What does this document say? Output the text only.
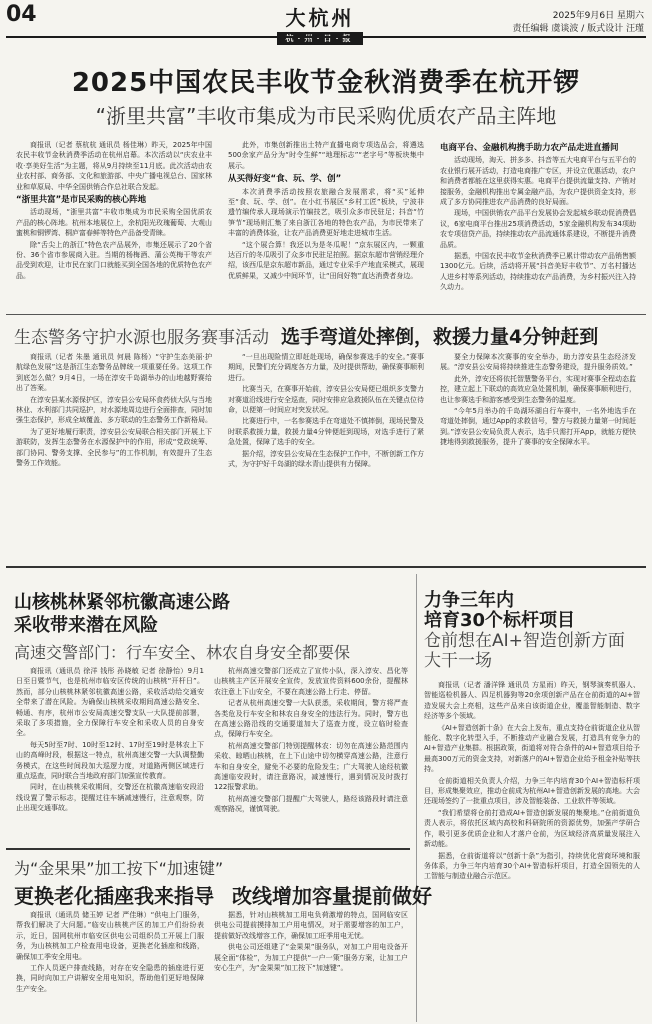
04	大杭州
杭·州·日·报
2025年9月6日 星期六
责任编辑 虞谈波 / 版式设计 汪瑾
2025中国农民丰收节金秋消费季在杭开锣
“浙里共富”丰收市集成为市民采购优质农产品主阵地

商报讯（记者 蔡杭杭 通讯员 杨佳琳）昨天，2025年中国农民丰收节金秋消费季活动在杭州启幕。本次活动以“庆农业丰收·享美好生活”为主题，将从9月持续至11月底。此次活动由农业农村部、商务部、文化和旅游部、中央广播电视总台、国家林业和草原局、中华全国供销合作总社联合发起。

“浙里共富”是市民采购的核心阵地

活动现场，“浙里共富”丰收市集成为市民采购全国优质农产品的核心阵地。杭州本地展位上，余杭阳光玫瑰葡萄、大观山蜜桃和铜锣湾、桐庐富春鲜等特色产品备受青睐。

除“舌尖上的浙江”特色农产品展外，市集还展示了20个省份、36个省市参展商入驻。当期的杨梅酒、蒲公英梅干等农产品受到欢迎，让市民在家门口就能买到全国各地的优质特色农产品。

此外，市集创新推出土特产直播电商专项选品会，将遴选500余家产品分为“时令生鲜”“地理标志”“老字号”等板块集中展示。

从买得好变“食、玩、学、创”

本次消费季活动按照农旅融合发展需求，将“买”延伸至“食、玩、学、创”。在小红书展区“乡村工匠”板块，宁波非遗竹编传承人现场演示竹编技艺，吸引众多市民驻足；抖音“竹笋节”现场则汇集了来自浙江各地的特色农产品，为市民带来了丰富的消费体验，让农产品消费更好地走进城市生活。

“这个展合算！我还以为是冬瓜呢！”京东展区内，一颗重达百斤的冬瓜吸引了众多市民驻足拍照。据京东超市营销经理介绍，该西瓜是京东超市新品，通过专业采手产地直采模式，展现优质鲜果，又减少中间环节，让“田间好物”直达消费者身边。

电商平台、金融机构携手助力农产品走进直播间

活动现场，淘天、拼多多、抖音等五大电商平台与五平台的农业银行展开活动，打造电商推广专区，并设立优惠活动，农户和消费者都能在这里获得实惠。电商平台提供流量支持、产销对接服务，金融机构推出专属金融产品，为农户提供资金支持，形成了多方协同推进农产品消费的良好局面。

现场，中国供销农产品平台发展协会发起城乡联动促消费倡议，6家电商平台推出25项消费活动，5家金融机构发布34项助农专项信贷产品，持续推动农产品流通体系建设，不断提升消费品质。

据悉，中国农民丰收节金秋消费季已累计带动农产品销售额1300亿元。后续，活动将开展“抖音美好丰收节”、万名村播达人进乡村等系列活动，持续推动农产品消费，为乡村振兴注入持久动力。

生态警务守护水源也服务赛事活动 选手弯道处摔倒，救援力量4分钟赶到

商报讯（记者 朱墨 通讯员 何晨 陈杨）“守护生态美丽·护航绿色发展”这是浙江生态警务品牌统一项重要任务。这项工作到底怎么做？9月4日，一场在淳安千岛湖举办的山地越野赛给出了答案。

在淳安县某水源保护区，淳安县公安局环食药侦大队与当地林业、水利部门共同巡护，对水源地周边进行全面排查，同时加强生态保护，形成全域覆盖、多方联动的生态警务工作新格局。

为了更好地履行职责，淳安县公安局联合相关部门开展上下游联防，发挥生态警务在水源保护中的作用，形成“党政统筹、部门协同、警务支撑、全民参与”的工作机制，有效提升了生态警务工作效能。

“一旦出现险情立即赶赴现场，确保参赛选手的安全。”赛事期间，民警们充分调度各方力量，及时提供帮助，确保赛事顺利进行。

比赛当天，在赛事开始前，淳安县公安局便已组织多支警力对赛道沿线进行安全巡查，同时安排应急救援队伍在关键点位待命，以便第一时间应对突发状况。

比赛进行中，一名参赛选手在弯道处不慎摔倒，现场民警及时联系救援力量，救援力量4分钟便赶到现场，对选手进行了紧急处置，保障了选手的安全。

据介绍，淳安县公安局在生态保护工作中，不断创新工作方式，为守护好千岛湖的绿水青山提供有力保障。

要全力保障本次赛事的安全举办，助力淳安县生态经济发展。“淳安县公安局将持续推进生态警务建设，提升服务质效。”

此外，淳安还将依托智慧警务平台，实现对赛事全程动态监控，建立起上下联动的高效应急处置机制，确保赛事顺利进行，也让参赛选手和游客感受到生态警务的温度。

“今年5月举办的千岛湖环湖自行车赛中，一名外地选手在弯道处摔倒，通过App的求救信号，警方与救援力量第一时间赶到。”淳安县公安局负责人表示，选手只需打开App，就能方便快捷地得到救援服务，提升了赛事的安全保障水平。

山核桃林紧邻杭徽高速公路
采收带来潜在风险
高速交警部门：行车安全、林农自身安全都要保

商报讯（通讯员 徐洋 钱彤 孙晓敏 记者 徐静怡）9月1日至日暨节气，也是杭州市临安区传统的山核桃“开杆日”。然而，部分山核桃林紧邻杭徽高速公路，采收活动给交通安全带来了潜在风险。为确保山核桃采收期间高速公路安全、畅通、有序，杭州市公安局高速交警支队一大队提前部署，采取了多项措施，全力保障行车安全和采收人员的自身安全。

每天5时至7时、10时至12时、17时至19时是林农上下山的高峰时段，根据这一特点，杭州高速交警一大队调整勤务模式，在这些时间段加大巡逻力度，对道路两侧区域进行重点巡查，同时联合当地政府部门加强宣传教育。

同时，在山核桃采收期间，交警还在杭徽高速临安段沿线设置了警示标志，提醒过往车辆减速慢行，注意观察，防止出现交通事故。

杭州高速交警部门还成立了宣传小队，深入淳安、昌化等山核桃主产区开展安全宣传，发放宣传资料600余份，提醒林农注意上下山安全，不要在高速公路上行走、停留。

记者从杭州高速交警一大队获悉，采收期间，警方将严查各类危及行车安全和林农自身安全的违法行为。同时，警方也在高速公路沿线的交通要道加大了巡查力度，设立临时检查点，保障行车安全。

杭州高速交警部门特别提醒林农：切勿在高速公路范围内采收、晾晒山核桃，在上下山途中切勿横穿高速公路，注意行车和自身安全，避免不必要的危险发生；广大驾驶人途经杭徽高速临安段时，请注意路况，减速慢行，遇到情况及时拨打122报警求助。

杭州高速交警部门提醒广大驾驶人，路经该路段时请注意观察路况，谨慎驾驶。

力争三年内
培育30个标杆项目
仓前想在AI+智造创新方面
大干一场

商报讯（记者 潘洋锋 通讯员 方星雨）昨天，钢琴演奏机器人、智能巡检机器人、四足机器狗等20余项创新产品在仓前街道的AI+智造发展大会上亮相，这些产品来自该街道企业，覆盖智能制造、数字经济等多个领域。

《AI+智造创新十条》在大会上发布，重点支持仓前街道企业从智能化、数字化转型入手，不断推动产业融合发展，打造具有竞争力的AI+智造产业集群。根据政策，街道将对符合条件的AI+智造项目给予最高300万元的资金支持，对新落户的AI+智造企业给予租金补贴等扶持。

仓前街道相关负责人介绍，力争三年内培育30个AI+智造标杆项目，形成集聚效应，推动仓前成为杭州AI+智造创新发展的高地。大会还现场签约了一批重点项目，涉及智能装备、工业软件等领域。

“我们希望将仓前打造成AI+智造创新发展的集聚地。”仓前街道负责人表示，将依托区域内高校和科研院所的资源优势，加强产学研合作，吸引更多优质企业和人才落户仓前，为区域经济高质量发展注入新动能。

据悉，仓前街道将以“创新十条”为指引，持续优化营商环境和服务体系，力争三年内培育30个AI+智造标杆项目，打造全国领先的人工智能与制造业融合示范区。

为“金果果”加工按下“加速键”
更换老化插座我来指导 改线增加容量提前做好

商报讯（通讯员 储玉婷 记者 严佳琳）“供电上门服务，帮我们解决了大问题。”临安山核桃产区的加工户们纷纷表示，近日，国网杭州市临安区供电公司组织员工开展上门服务，为山核桃加工户检查用电设备，更换老化插座和线路，确保加工季安全用电。

工作人员逐户排查线路，对存在安全隐患的插座进行更换，同时向加工户讲解安全用电知识，帮助他们更好地保障生产安全。

据悉，针对山核桃加工用电负荷激增的特点，国网临安区供电公司提前摸排加工户用电情况，对于需要增容的加工户，提前做好改线增容工作，确保加工旺季用电无忧。

供电公司还组建了“金果果”服务队，对加工户用电设备开展全面“体检”，为加工户提供“一户一策”服务方案，让加工户安心生产，为“金果果”加工按下“加速键”。
